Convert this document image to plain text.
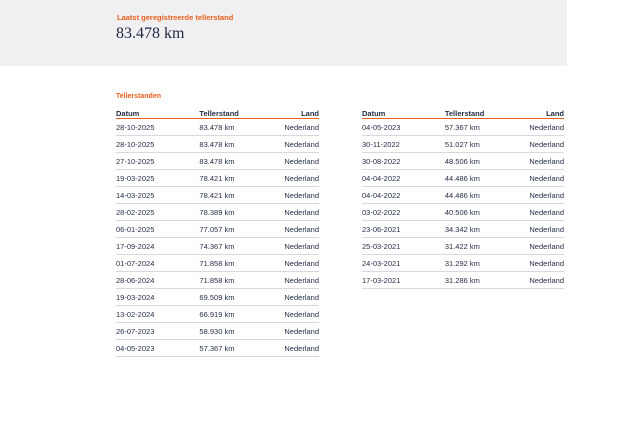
Laatst geregistreerde tellerstand
83.478 km
Tellerstanden
Datum	Tellerstand	Land
28-10-2025	83.478 km	Nederland
28-10-2025	83.478 km	Nederland
27-10-2025	83.478 km	Nederland
19-03-2025	78.421 km	Nederland
14-03-2025	78.421 km	Nederland
28-02-2025	78.389 km	Nederland
06-01-2025	77.057 km	Nederland
17-09-2024	74.367 km	Nederland
01-07-2024	71.858 km	Nederland
28-06-2024	71.858 km	Nederland
19-03-2024	69.509 km	Nederland
13-02-2024	66.919 km	Nederland
26-07-2023	58.930 km	Nederland
04-05-2023	57.367 km	Nederland
Datum	Tellerstand	Land
04-05-2023	57.367 km	Nederland
30-11-2022	51.027 km	Nederland
30-08-2022	48.506 km	Nederland
04-04-2022	44.486 km	Nederland
04-04-2022	44.486 km	Nederland
03-02-2022	40.506 km	Nederland
23-06-2021	34.342 km	Nederland
25-03-2021	31.422 km	Nederland
24-03-2021	31.292 km	Nederland
17-03-2021	31.286 km	Nederland
